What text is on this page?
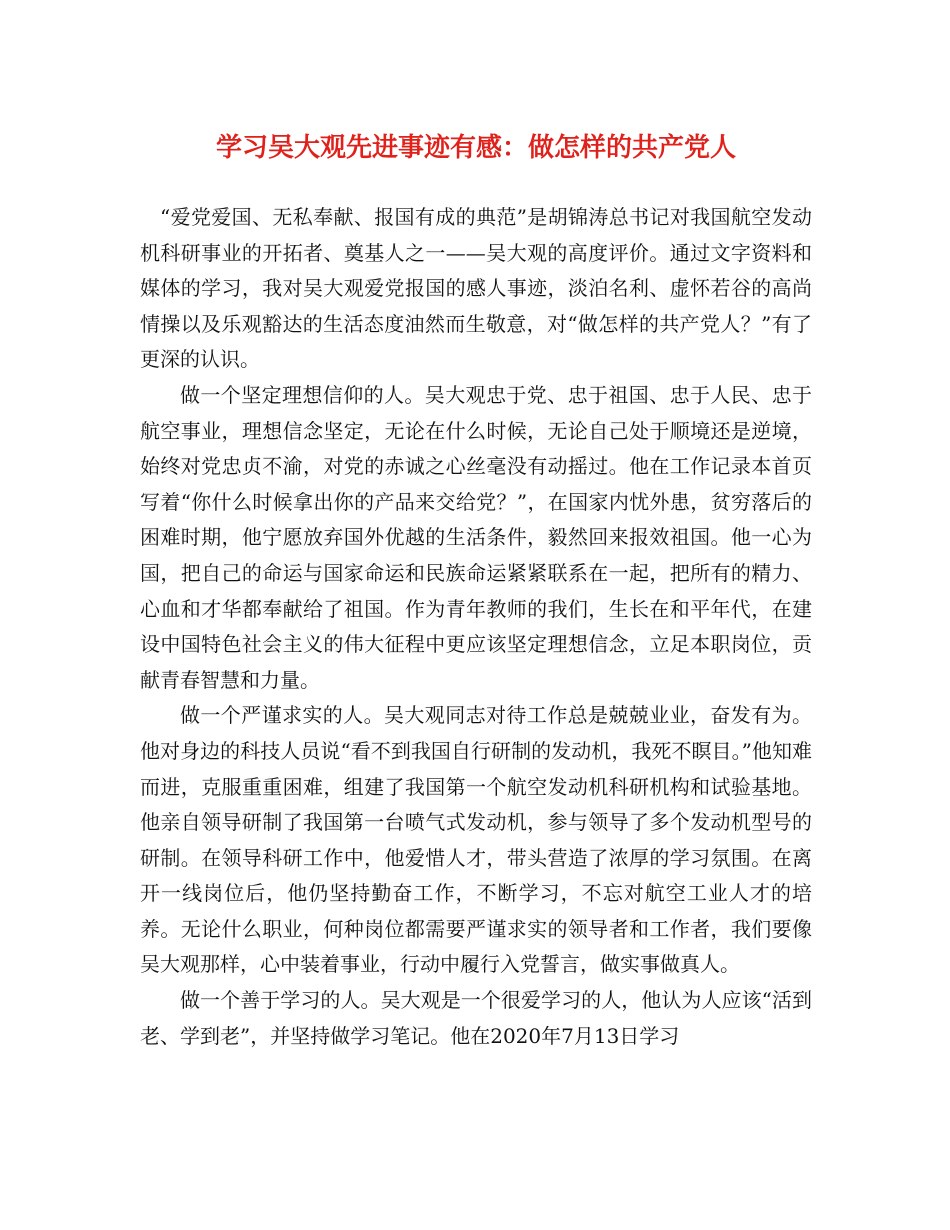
学习吴大观先进事迹有感：做怎样的共产党人

“爱党爱国、无私奉献、报国有成的典范”是胡锦涛总书记对我国航空发动机科研事业的开拓者、奠基人之一——吴大观的高度评价。通过文字资料和媒体的学习，我对吴大观爱党报国的感人事迹，淡泊名利、虚怀若谷的高尚情操以及乐观豁达的生活态度油然而生敬意，对“做怎样的共产党人？”有了更深的认识。

做一个坚定理想信仰的人。吴大观忠于党、忠于祖国、忠于人民、忠于航空事业，理想信念坚定，无论在什么时候，无论自己处于顺境还是逆境，始终对党忠贞不渝，对党的赤诚之心丝毫没有动摇过。他在工作记录本首页写着“你什么时候拿出你的产品来交给党？”，在国家内忧外患，贫穷落后的困难时期，他宁愿放弃国外优越的生活条件，毅然回来报效祖国。他一心为国，把自己的命运与国家命运和民族命运紧紧联系在一起，把所有的精力、心血和才华都奉献给了祖国。作为青年教师的我们，生长在和平年代，在建设中国特色社会主义的伟大征程中更应该坚定理想信念，立足本职岗位，贡献青春智慧和力量。

做一个严谨求实的人。吴大观同志对待工作总是兢兢业业，奋发有为。他对身边的科技人员说“看不到我国自行研制的发动机，我死不瞑目。”他知难而进，克服重重困难，组建了我国第一个航空发动机科研机构和试验基地。他亲自领导研制了我国第一台喷气式发动机，参与领导了多个发动机型号的研制。在领导科研工作中，他爱惜人才，带头营造了浓厚的学习氛围。在离开一线岗位后，他仍坚持勤奋工作，不断学习，不忘对航空工业人才的培养。无论什么职业，何种岗位都需要严谨求实的领导者和工作者，我们要像吴大观那样，心中装着事业，行动中履行入党誓言，做实事做真人。

做一个善于学习的人。吴大观是一个很爱学习的人，他认为人应该“活到老、学到老”，并坚持做学习笔记。他在2020年7月13日学习
